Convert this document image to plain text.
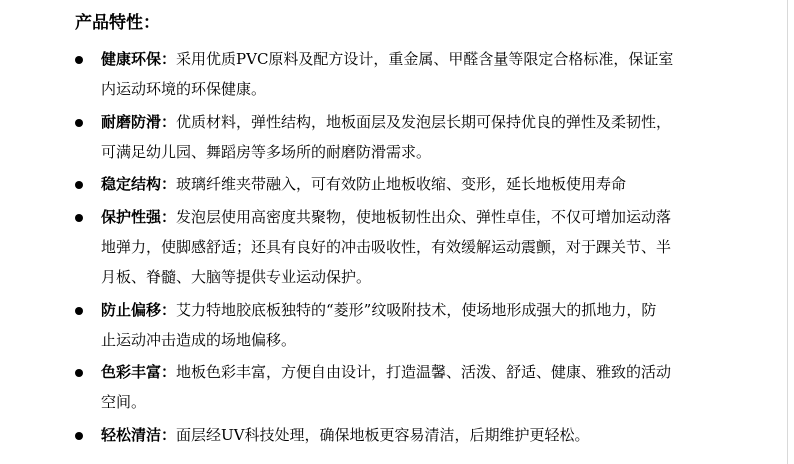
产品特性：
健康环保：采用优质PVC原料及配方设计，重金属、甲醛含量等限定合格标准，保证室
内运动环境的环保健康。
耐磨防滑：优质材料，弹性结构，地板面层及发泡层长期可保持优良的弹性及柔韧性，
可满足幼儿园、舞蹈房等多场所的耐磨防滑需求。
稳定结构：玻璃纤维夹带融入，可有效防止地板收缩、变形，延长地板使用寿命
保护性强：发泡层使用高密度共聚物，使地板韧性出众、弹性卓佳，不仅可增加运动落
地弹力，使脚感舒适；还具有良好的冲击吸收性，有效缓解运动震颤，对于踝关节、半
月板、脊髓、大脑等提供专业运动保护。
防止偏移：艾力特地胶底板独特的“菱形”纹吸附技术，使场地形成强大的抓地力，防
止运动冲击造成的场地偏移。
色彩丰富：地板色彩丰富，方便自由设计，打造温馨、活泼、舒适、健康、雅致的活动
空间。
轻松清洁：面层经UV科技处理，确保地板更容易清洁，后期维护更轻松。
